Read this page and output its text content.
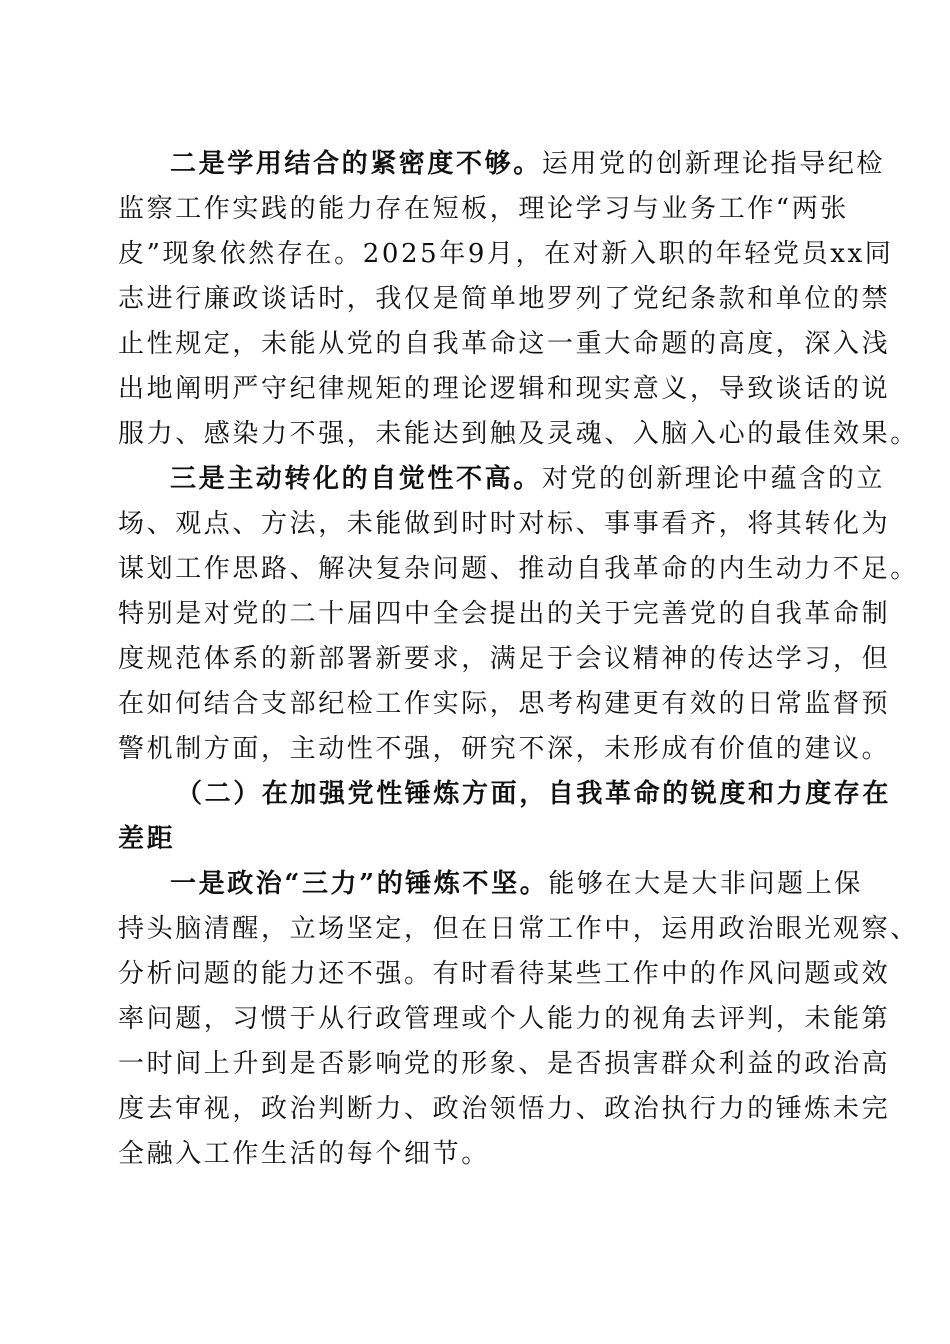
二是学用结合的紧密度不够。运用党的创新理论指导纪检
监察工作实践的能力存在短板，理论学习与业务工作“两张
皮”现象依然存在。2025年9月，在对新入职的年轻党员xx同
志进行廉政谈话时，我仅是简单地罗列了党纪条款和单位的禁
止性规定，未能从党的自我革命这一重大命题的高度，深入浅
出地阐明严守纪律规矩的理论逻辑和现实意义，导致谈话的说
服力、感染力不强，未能达到触及灵魂、入脑入心的最佳效果。
三是主动转化的自觉性不高。对党的创新理论中蕴含的立
场、观点、方法，未能做到时时对标、事事看齐，将其转化为
谋划工作思路、解决复杂问题、推动自我革命的内生动力不足。
特别是对党的二十届四中全会提出的关于完善党的自我革命制
度规范体系的新部署新要求，满足于会议精神的传达学习，但
在如何结合支部纪检工作实际，思考构建更有效的日常监督预
警机制方面，主动性不强，研究不深，未形成有价值的建议。
（二）在加强党性锤炼方面，自我革命的锐度和力度存在
差距
一是政治“三力”的锤炼不坚。能够在大是大非问题上保
持头脑清醒，立场坚定，但在日常工作中，运用政治眼光观察、
分析问题的能力还不强。有时看待某些工作中的作风问题或效
率问题，习惯于从行政管理或个人能力的视角去评判，未能第
一时间上升到是否影响党的形象、是否损害群众利益的政治高
度去审视，政治判断力、政治领悟力、政治执行力的锤炼未完
全融入工作生活的每个细节。
